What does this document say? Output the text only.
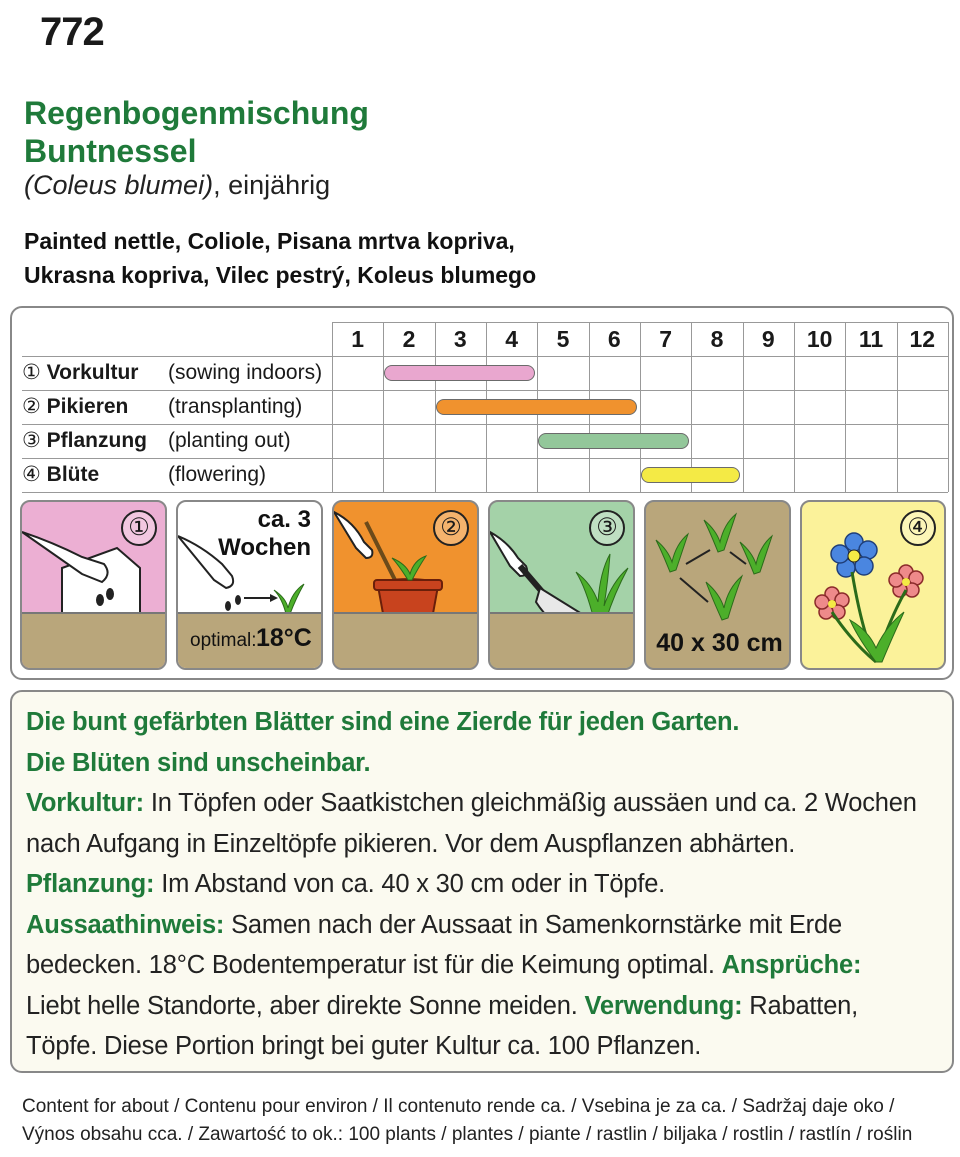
772
Regenbogenmischung
Buntnessel
(Coleus blumei), einjährig
Painted nettle, Coliole, Pisana mrtva kopriva,
Ukrasna kopriva, Vilec pestrý, Koleus blumego
1	2	3	4	5	6	7	8	9	10	11	12
① Vorkultur (sowing indoors)
② Pikieren (transplanting)
③ Pflanzung (planting out)
④ Blüte	(flowering)
①	ca. 3
Wochen
optimal: 18°C
②	③
40 x 30 cm
④

Die bunt gefärbten Blätter sind eine Zierde für jeden Garten.

Die Blüten sind unscheinbar.

Vorkultur: In Töpfen oder Saatkistchen gleichmäßig aussäen und ca. 2 Wochen

nach Aufgang in Einzeltöpfe pikieren. Vor dem Auspflanzen abhärten.

Pflanzung: Im Abstand von ca. 40 x 30 cm oder in Töpfe.

Aussaathinweis: Samen nach der Aussaat in Samenkornstärke mit Erde

bedecken. 18°C Bodentemperatur ist für die Keimung optimal. Ansprüche:

Liebt helle Standorte, aber direkte Sonne meiden. Verwendung: Rabatten,

Töpfe. Diese Portion bringt bei guter Kultur ca. 100 Pflanzen.

Content for about / Contenu pour environ / Il contenuto rende ca. / Vsebina je za ca. / Sadržaj daje oko /
Výnos obsahu cca. / Zawartość to ok.: 100 plants / plantes / piante / rastlin / biljaka / rostlin / rastlín / roślin
